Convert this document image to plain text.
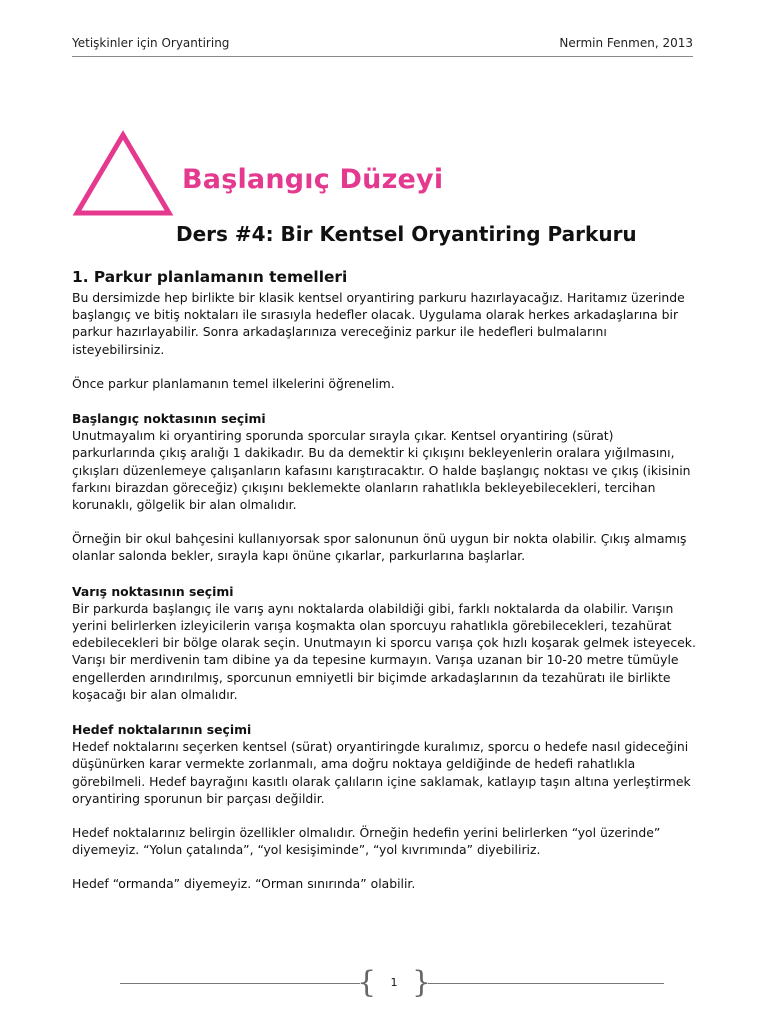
Yetişkinler için Oryantiring	Nermin Fenmen, 2013
Başlangıç Düzeyi
Ders #4: Bir Kentsel Oryantiring Parkuru
1. Parkur planlamanın temelleri

Bu dersimizde hep birlikte bir klasik kentsel oryantiring parkuru hazırlayacağız. Haritamız üzerinde başlangıç ve bitiş noktaları ile sırasıyla hedefler olacak. Uygulama olarak herkes arkadaşlarına bir parkur hazırlayabilir. Sonra arkadaşlarınıza vereceğiniz parkur ile hedefleri bulmalarını isteyebilirsiniz.

Önce parkur planlamanın temel ilkelerini öğrenelim.

Başlangıç noktasının seçimi

Unutmayalım ki oryantiring sporunda sporcular sırayla çıkar. Kentsel oryantiring (sürat) parkurlarında çıkış aralığı 1 dakikadır. Bu da demektir ki çıkışını bekleyenlerin oralara yığılmasını, çıkışları düzenlemeye çalışanların kafasını karıştıracaktır. O halde başlangıç noktası ve çıkış (ikisinin farkını birazdan göreceğiz) çıkışını beklemekte olanların rahatlıkla bekleyebilecekleri, tercihan korunaklı, gölgelik bir alan olmalıdır.

Örneğin bir okul bahçesini kullanıyorsak spor salonunun önü uygun bir nokta olabilir. Çıkış almamış olanlar salonda bekler, sırayla kapı önüne çıkarlar, parkurlarına başlarlar.

Varış noktasının seçimi

Bir parkurda başlangıç ile varış aynı noktalarda olabildiği gibi, farklı noktalarda da olabilir. Varışın yerini belirlerken izleyicilerin varışa koşmakta olan sporcuyu rahatlıkla görebilecekleri, tezahürat edebilecekleri bir bölge olarak seçin. Unutmayın ki sporcu varışa çok hızlı koşarak gelmek isteyecek. Varışı bir merdivenin tam dibine ya da tepesine kurmayın. Varışa uzanan bir 10-20 metre tümüyle engellerden arındırılmış, sporcunun emniyetli bir biçimde arkadaşlarının da tezahüratı ile birlikte koşacağı bir alan olmalıdır.

Hedef noktalarının seçimi

Hedef noktalarını seçerken kentsel (sürat) oryantiringde kuralımız, sporcu o hedefe nasıl gideceğini düşünürken karar vermekte zorlanmalı, ama doğru noktaya geldiğinde de hedefi rahatlıkla görebilmeli. Hedef bayrağını kasıtlı olarak çalıların içine saklamak, katlayıp taşın altına yerleştirmek oryantiring sporunun bir parçası değildir.

Hedef noktalarınız belirgin özellikler olmalıdır. Örneğin hedefin yerini belirlerken “yol üzerinde” diyemeyiz. “Yolun çatalında”, “yol kesişiminde”, “yol kıvrımında” diyebiliriz.

Hedef “ormanda” diyemeyiz. “Orman sınırında” olabilir.

{ }
1
